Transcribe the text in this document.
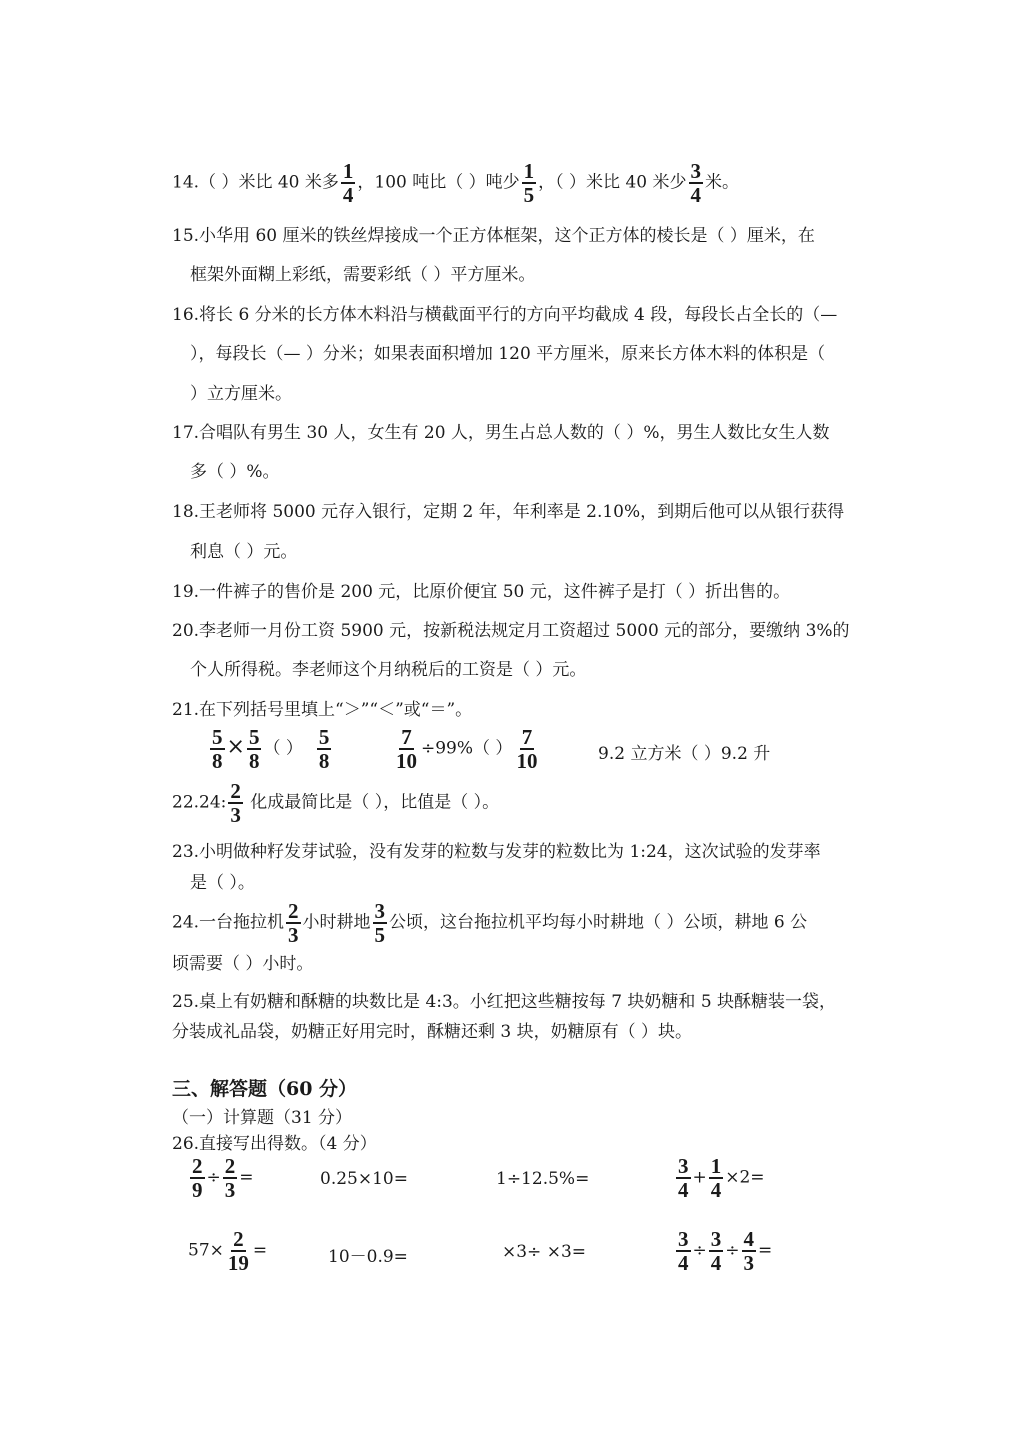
14.（ ）米比 40 米多 $\frac{1}{4}$ ，100 吨比（ ）吨少 $\frac{1}{5}$ ，（ ）米比 40 米少 $\frac{3}{4}$ 米。
15.小华用 60 厘米的铁丝焊接成一个正方体框架，这个正方体的棱长是（ ）厘米，在
框架外面糊上彩纸，需要彩纸（ ）平方厘米。
16.将长 6 分米的长方体木料沿与横截面平行的方向平均截成 4 段，每段长占全长的（—
），每段长（— ）分米；如果表面积增加 120 平方厘米，原来长方体木料的体积是（
）立方厘米。
17.合唱队有男生 30 人，女生有 20 人，男生占总人数的（ ）%，男生人数比女生人数
多（ ）%。
18.王老师将 5000 元存入银行，定期 2 年，年利率是 2.10%，到期后他可以从银行获得
利息（ ）元。
19.一件裤子的售价是 200 元，比原价便宜 50 元，这件裤子是打（ ）折出售的。
20.李老师一月份工资 5900 元，按新税法规定月工资超过 5000 元的部分，要缴纳 3%的
个人所得税。李老师这个月纳税后的工资是（ ）元。
21.在下列括号里填上“＞”“＜”或“＝”。
$\frac{5}{8} \times \frac{5}{8}$ （ ） $\frac{5}{8}$	$\frac{7}{10} \div 99\%$（ ） $\frac{7}{10}$	9.2 立方米（ ）9.2 升
22.24: $\frac{2}{3}$ 化成最简比是（ ），比值是（ ）。
23.小明做种籽发芽试验，没有发芽的粒数与发芽的粒数比为 1:24，这次试验的发芽率
是（ ）。
24.一台拖拉机 $\frac{2}{3}$ 小时耕地 $\frac{3}{5}$ 公顷，这台拖拉机平均每小时耕地（ ）公顷，耕地 6 公
顷需要（ ）小时。
25.桌上有奶糖和酥糖的块数比是 4:3。小红把这些糖按每 7 块奶糖和 5 块酥糖装一袋，
分装成礼品袋，奶糖正好用完时，酥糖还剩 3 块，奶糖原有（ ）块。
三、解答题（60 分）
（一）计算题（31 分）
26.直接写出得数。（4 分）
$\frac{2}{9} \div \frac{2}{3}$ =	0.25×10=	1÷12.5%=	$\frac{3}{4} + \frac{1}{4} \times 2=$
$57\times \frac{2}{19}$ =	10－0.9=	×3÷ ×3=	$\frac{3}{4} \div \frac{3}{4} \div \frac{4}{3}$ =
